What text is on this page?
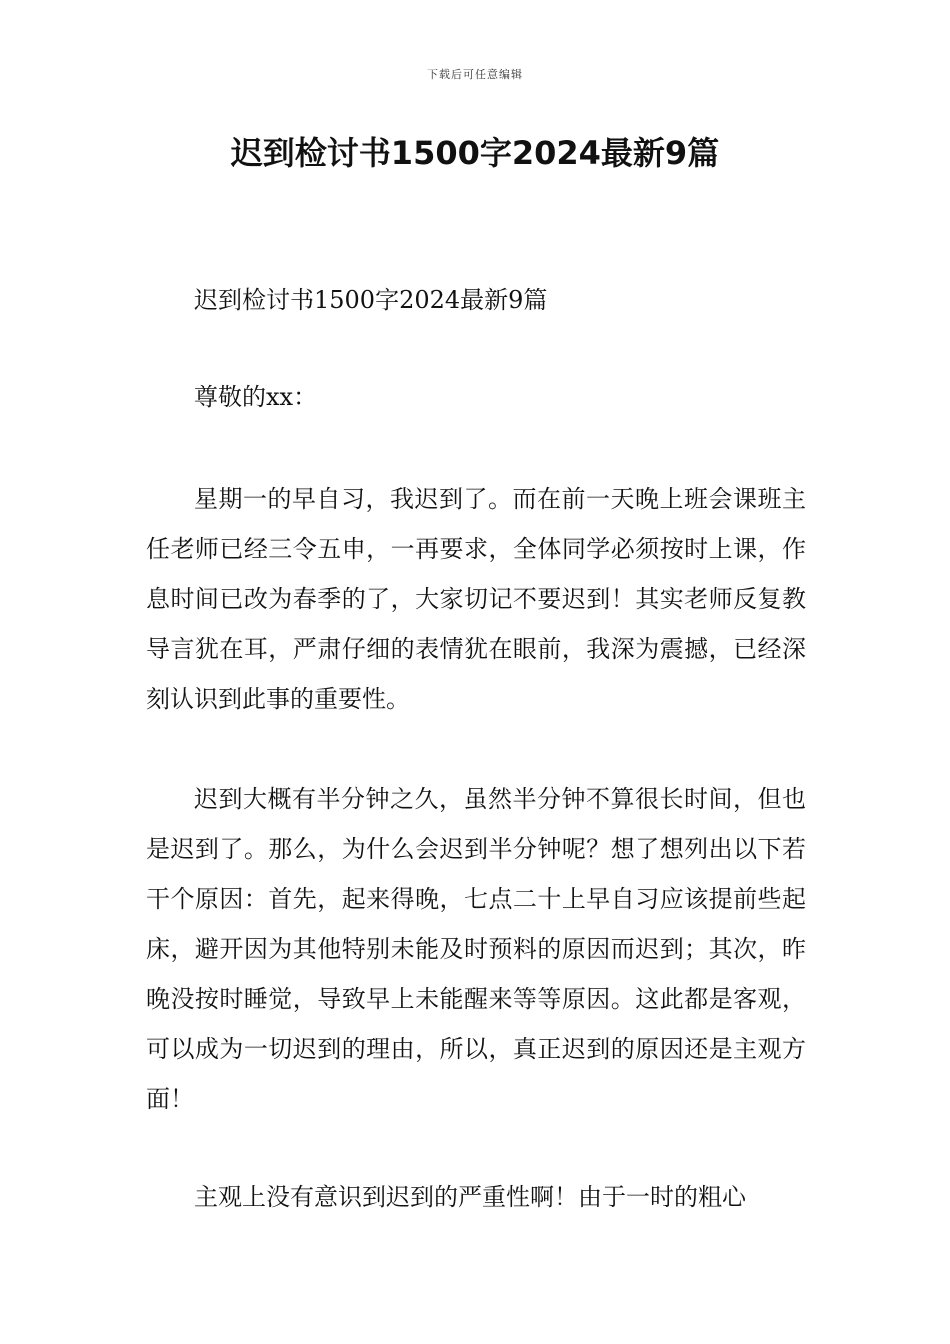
下载后可任意编辑
迟到检讨书1500字2024最新9篇

迟到检讨书1500字2024最新9篇

尊敬的xx：

星期一的早自习，我迟到了。而在前一天晚上班会课班主任老师已经三令五申，一再要求，全体同学必须按时上课，作息时间已改为春季的了，大家切记不要迟到！其实老师反复教导言犹在耳，严肃仔细的表情犹在眼前，我深为震撼，已经深刻认识到此事的重要性。

迟到大概有半分钟之久，虽然半分钟不算很长时间，但也是迟到了。那么，为什么会迟到半分钟呢？想了想列出以下若干个原因：首先，起来得晚，七点二十上早自习应该提前些起床，避开因为其他特别未能及时预料的原因而迟到；其次，昨晚没按时睡觉，导致早上未能醒来等等原因。这此都是客观，可以成为一切迟到的理由，所以，真正迟到的原因还是主观方面！

主观上没有意识到迟到的严重性啊！由于一时的粗心
